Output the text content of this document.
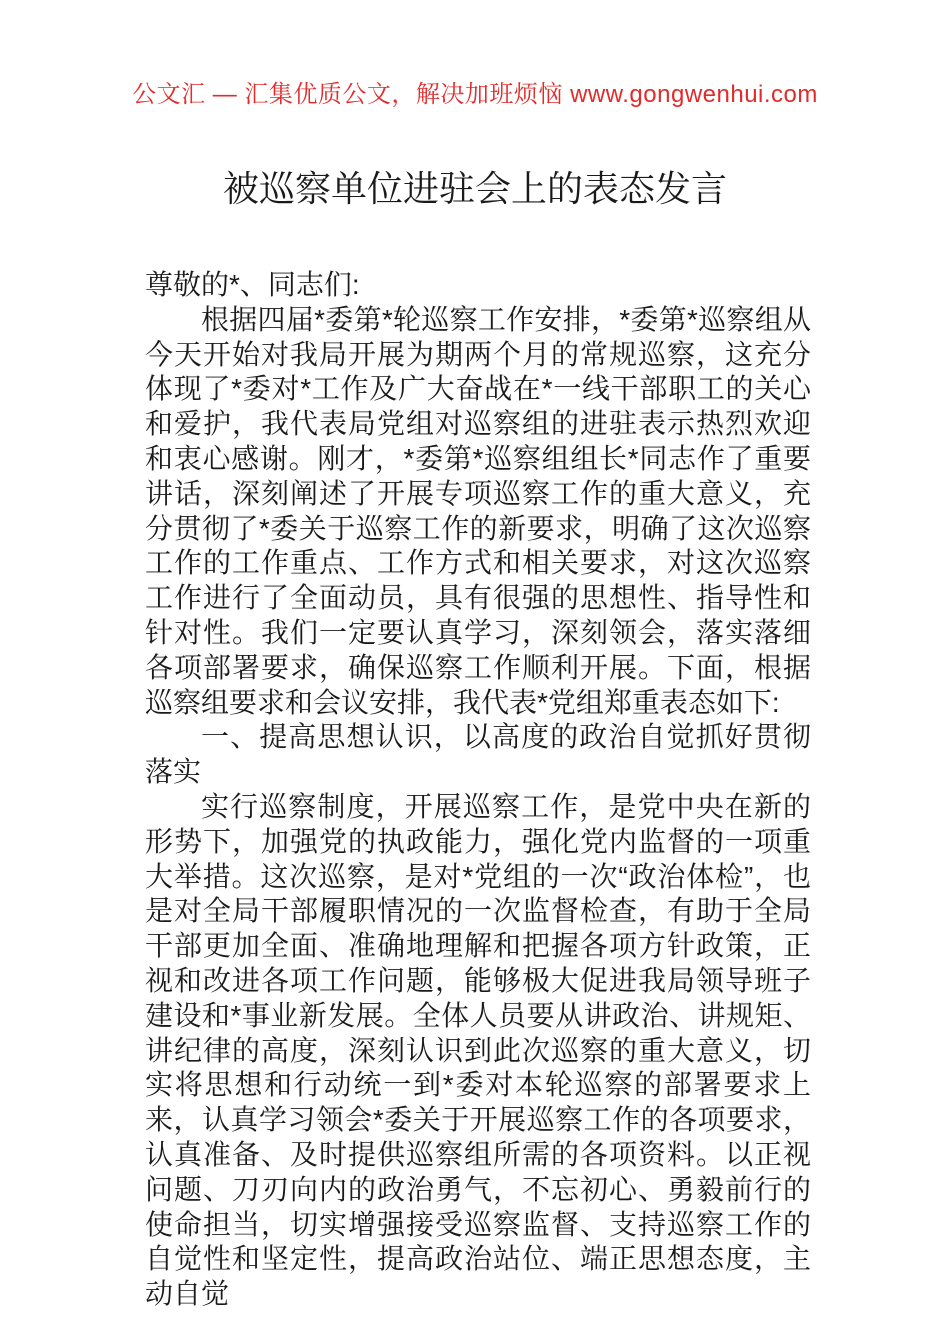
公文汇 — 汇集优质公文，解决加班烦恼 www.gongwenhui.com
被巡察单位进驻会上的表态发言

尊敬的*、同志们:

根据四届*委第*轮巡察工作安排，*委第*巡察组从今天开始对我局开展为期两个月的常规巡察，这充分体现了*委对*工作及广大奋战在*一线干部职工的关心和爱护，我代表局党组对巡察组的进驻表示热烈欢迎和衷心感谢。刚才，*委第*巡察组组长*同志作了重要讲话，深刻阐述了开展专项巡察工作的重大意义，充分贯彻了*委关于巡察工作的新要求，明确了这次巡察工作的工作重点、工作方式和相关要求，对这次巡察工作进行了全面动员，具有很强的思想性、指导性和针对性。我们一定要认真学习，深刻领会，落实落细各项部署要求，确保巡察工作顺利开展。下面，根据巡察组要求和会议安排，我代表*党组郑重表态如下:

一、提高思想认识，以高度的政治自觉抓好贯彻落实

实行巡察制度，开展巡察工作，是党中央在新的形势下，加强党的执政能力，强化党内监督的一项重大举措。这次巡察，是对*党组的一次“政治体检”，也是对全局干部履职情况的一次监督检查，有助于全局干部更加全面、准确地理解和把握各项方针政策，正视和改进各项工作问题，能够极大促进我局领导班子建设和*事业新发展。全体人员要从讲政治、讲规矩、讲纪律的高度，深刻认识到此次巡察的重大意义，切实将思想和行动统一到*委对本轮巡察的部署要求上来，认真学习领会*委关于开展巡察工作的各项要求，认真准备、及时提供巡察组所需的各项资料。以正视问题、刀刃向内的政治勇气，不忘初心、勇毅前行的使命担当，切实增强接受巡察监督、支持巡察工作的自觉性和坚定性，提高政治站位、端正思想态度，主动自觉
